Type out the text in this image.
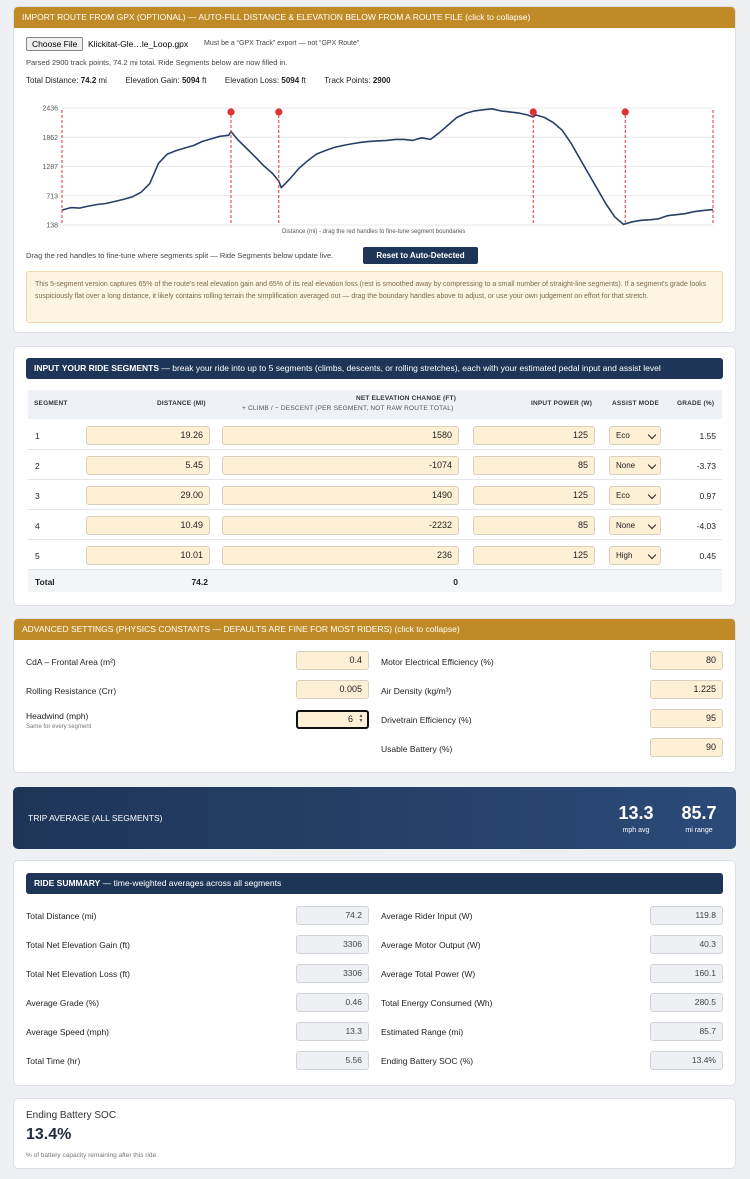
IMPORT ROUTE FROM GPX (OPTIONAL) — AUTO-FILL DISTANCE & ELEVATION BELOW FROM A ROUTE FILE (click to collapse)
Choose File	Klickitat-Gle…le_Loop.gpx Must be a “GPX Track” export — not “GPX Route”
Parsed 2900 track points, 74.2 mi total. Ride Segments below are now filled in.
Total Distance: 74.2 mi Elevation Gain: 5094 ft Elevation Loss: 5094 ft Track Points: 2900
2436
1862
1287
713
138
Distance (mi) - drag the red handles to fine-tune segment boundaries
Drag the red handles to fine-tune where segments split — Ride Segments below update live.	Reset to Auto-Detected
This 5-segment version captures 65% of the route's real elevation gain and 65% of its real elevation loss (rest is smoothed away by compressing to a small number of straight-line segments). If a segment's grade looks suspiciously flat over a long distance, it likely contains rolling terrain the simplification averaged out — drag the boundary handles above to adjust, or use your own judgement on effort for that stretch.
INPUT YOUR RIDE SEGMENTS — break your ride into up to 5 segments (climbs, descents, or rolling stretches), each with your estimated pedal input and assist level
SEGMENT	DISTANCE (MI)
NET ELEVATION CHANGE (FT)
+ CLIMB / − DESCENT (PER SEGMENT, NOT RAW ROUTE TOTAL)
INPUT POWER (W)	ASSIST MODE	GRADE (%)
1	19.26	1580	125	Eco	1.55
2	5.45	-1074	85	None	-3.73
3	29.00	1490	125	Eco	0.97
4	10.49	-2232	85	None	-4.03
5	10.01	236	125	High	0.45
Total	74.2	0
ADVANCED SETTINGS (PHYSICS CONSTANTS — DEFAULTS ARE FINE FOR MOST RIDERS) (click to collapse)
CdA – Frontal Area (m²)	0.4
Rolling Resistance (Crr)	0.005
Headwind (mph)
Same for every segment
6	▲
▼
Motor Electrical Efficiency (%)	80
Air Density (kg/m³)	1.225
Drivetrain Efficiency (%)	95
Usable Battery (%)	90
TRIP AVERAGE (ALL SEGMENTS)	13.3
mph avg
85.7
mi range
RIDE SUMMARY — time-weighted averages across all segments
Total Distance (mi)	74.2
Total Net Elevation Gain (ft)	3306
Total Net Elevation Loss (ft)	3306
Average Grade (%)	0.46
Average Speed (mph)	13.3
Total Time (hr)	5.56
Average Rider Input (W)	119.8
Average Motor Output (W)	40.3
Average Total Power (W)	160.1
Total Energy Consumed (Wh)	280.5
Estimated Range (mi)	85.7
Ending Battery SOC (%)	13.4%
Ending Battery SOC
13.4%
% of battery capacity remaining after this ride.
